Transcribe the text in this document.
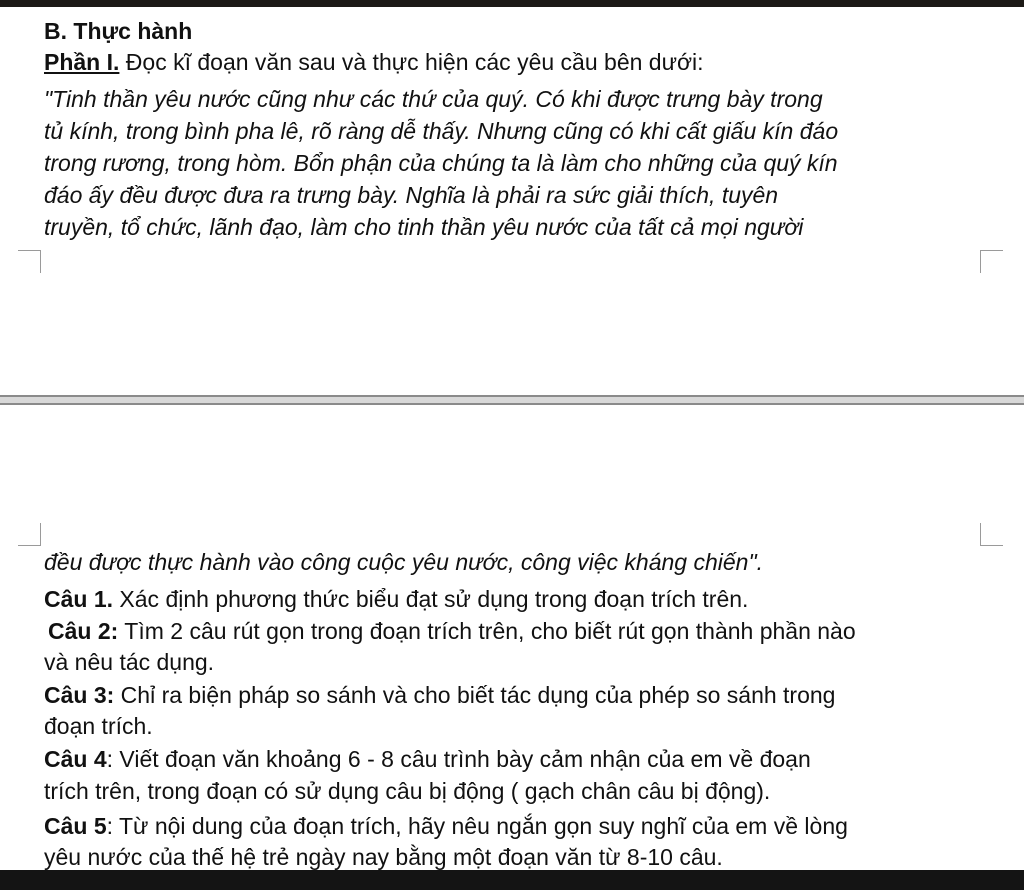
B. Thực hành
Phần I. Đọc kĩ đoạn văn sau và thực hiện các yêu cầu bên dưới:
"Tinh thần yêu nước cũng như các thứ của quý. Có khi được trưng bày trong
tủ kính, trong bình pha lê, rõ ràng dễ thấy. Nhưng cũng có khi cất giấu kín đáo
trong rương, trong hòm. Bổn phận của chúng ta là làm cho những của quý kín
đáo ấy đều được đưa ra trưng bày. Nghĩa là phải ra sức giải thích, tuyên
truyền, tổ chức, lãnh đạo, làm cho tinh thần yêu nước của tất cả mọi người
đều được thực hành vào công cuộc yêu nước, công việc kháng chiến".
Câu 1. Xác định phương thức biểu đạt sử dụng trong đoạn trích trên.
Câu 2: Tìm 2 câu rút gọn trong đoạn trích trên, cho biết rút gọn thành phần nào
và nêu tác dụng.
Câu 3: Chỉ ra biện pháp so sánh và cho biết tác dụng của phép so sánh trong
đoạn trích.
Câu 4: Viết đoạn văn khoảng 6 - 8 câu trình bày cảm nhận của em về đoạn
trích trên, trong đoạn có sử dụng câu bị động ( gạch chân câu bị động).
Câu 5: Từ nội dung của đoạn trích, hãy nêu ngắn gọn suy nghĩ của em về lòng
yêu nước của thế hệ trẻ ngày nay bằng một đoạn văn từ 8-10 câu.
